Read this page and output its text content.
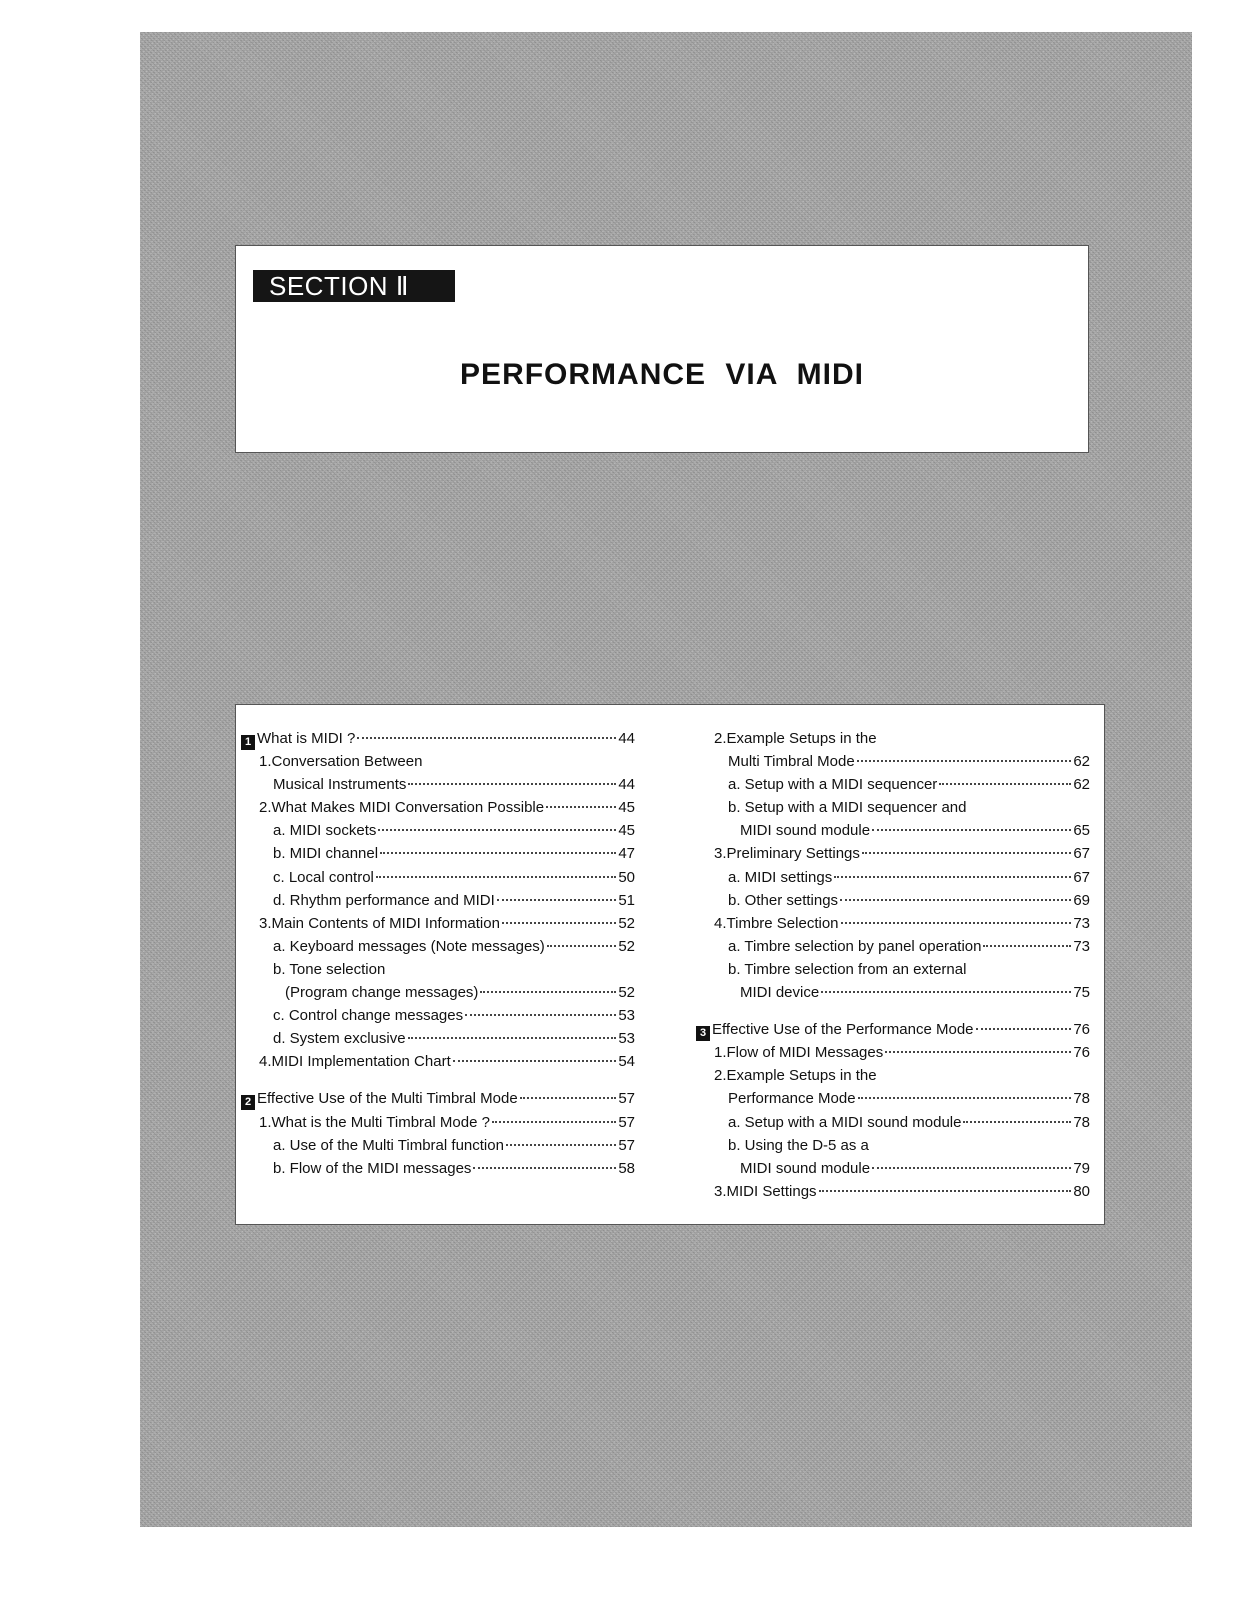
SECTION Ⅱ
PERFORMANCE VIA MIDI
1 What is MIDI ?	44
1.Conversation Between
Musical Instruments	44
2.What Makes MIDI Conversation Possible	45
a. MIDI sockets	45
b. MIDI channel	47
c. Local control	50
d. Rhythm performance and MIDI	51
3.Main Contents of MIDI Information	52
a. Keyboard messages (Note messages)	52
b. Tone selection
(Program change messages)	52
c. Control change messages	53
d. System exclusive	53
4.MIDI Implementation Chart	54
2 Effective Use of the Multi Timbral Mode	57
1.What is the Multi Timbral Mode ?	57
a. Use of the Multi Timbral function	57
b. Flow of the MIDI messages	58
2.Example Setups in the
Multi Timbral Mode	62
a. Setup with a MIDI sequencer	62
b. Setup with a MIDI sequencer and
MIDI sound module	65
3.Preliminary Settings	67
a. MIDI settings	67
b. Other settings	69
4.Timbre Selection	73
a. Timbre selection by panel operation	73
b. Timbre selection from an external
MIDI device	75
3 Effective Use of the Performance Mode	76
1.Flow of MIDI Messages	76
2.Example Setups in the
Performance Mode	78
a. Setup with a MIDI sound module	78
b. Using the D-5 as a
MIDI sound module	79
3.MIDI Settings	80
